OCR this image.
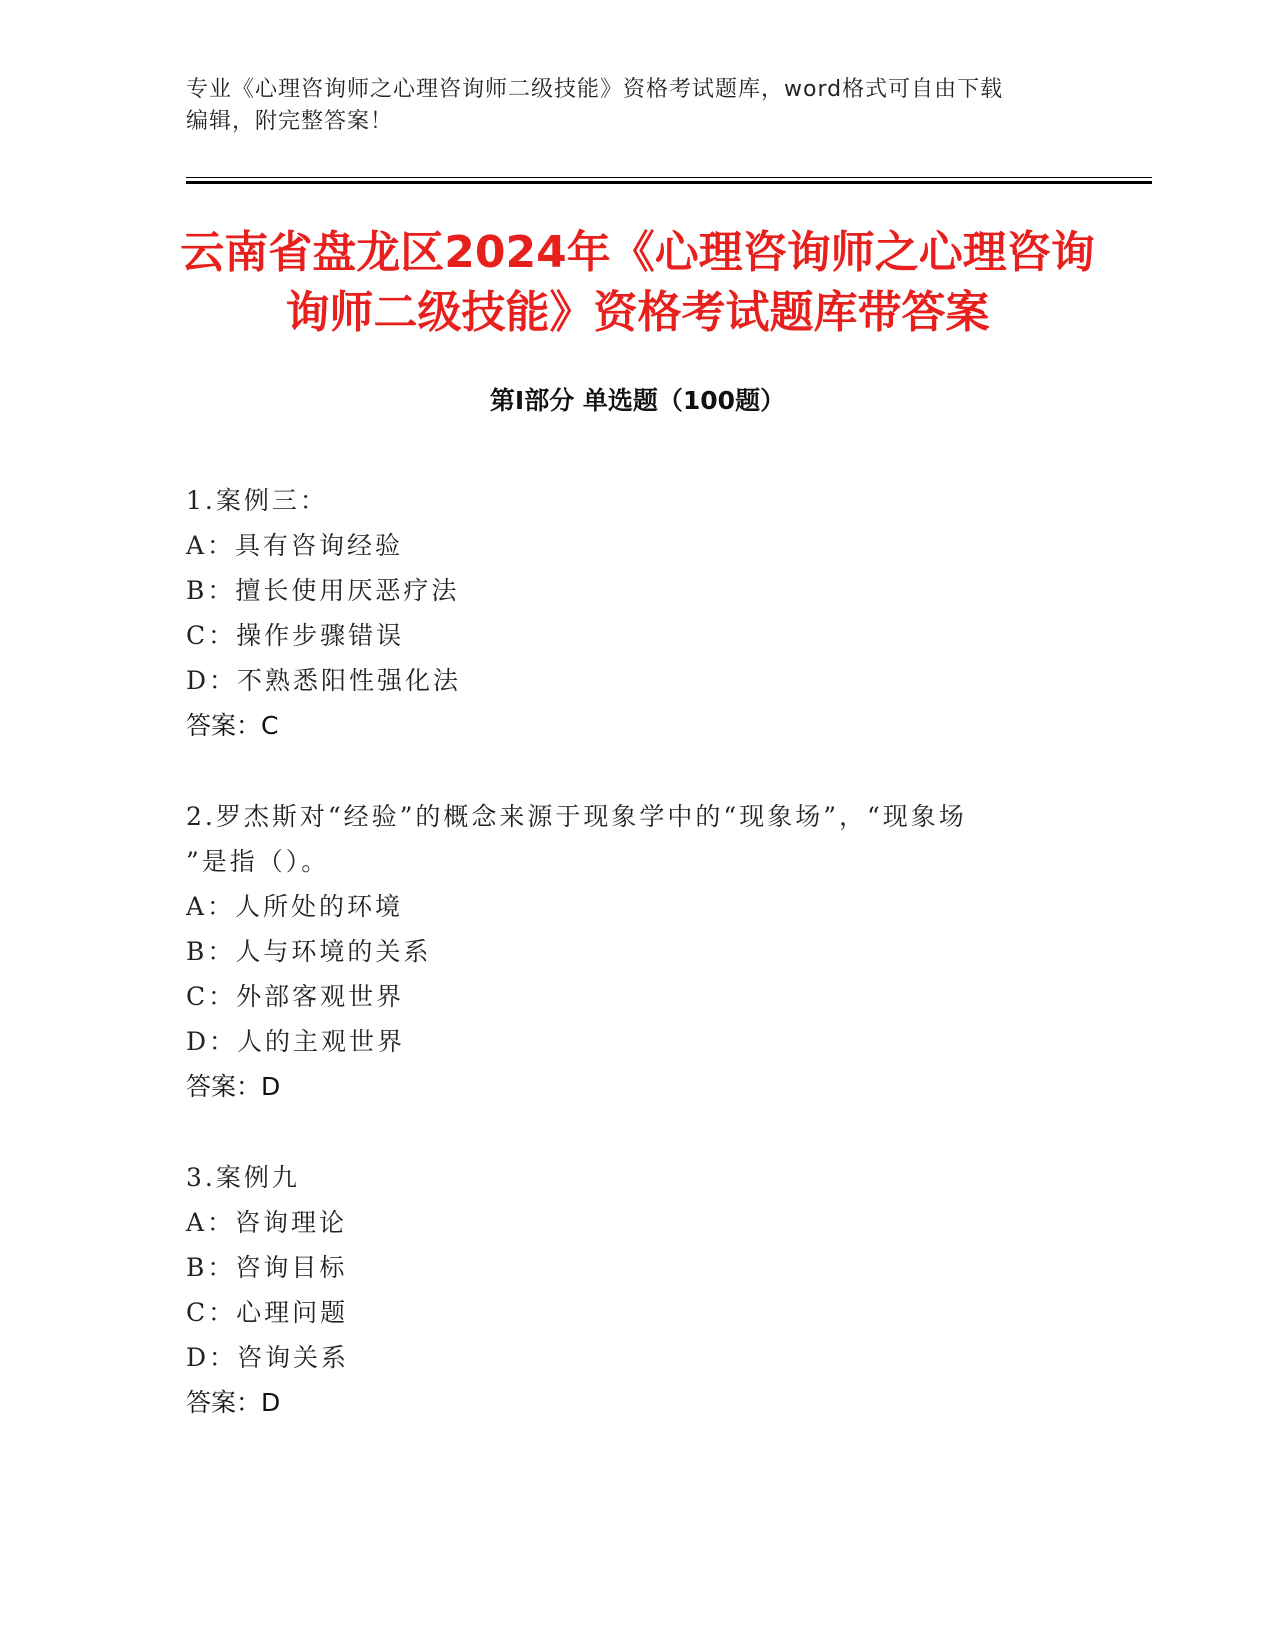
专业《心理咨询师之心理咨询师二级技能》资格考试题库，word格式可自由下载
编辑，附完整答案！
云南省盘龙区2024年《心理咨询师之心理咨询
询师二级技能》资格考试题库带答案
第Ⅰ部分 单选题（100题）
1.案例三：
A：具有咨询经验
B：擅长使用厌恶疗法
C：操作步骤错误
D：不熟悉阳性强化法
答案：C
2.罗杰斯对“经验”的概念来源于现象学中的“现象场”，“现象场
”是指（）。
A：人所处的环境
B：人与环境的关系
C：外部客观世界
D：人的主观世界
答案：D
3.案例九
A：咨询理论
B：咨询目标
C：心理问题
D：咨询关系
答案：D
